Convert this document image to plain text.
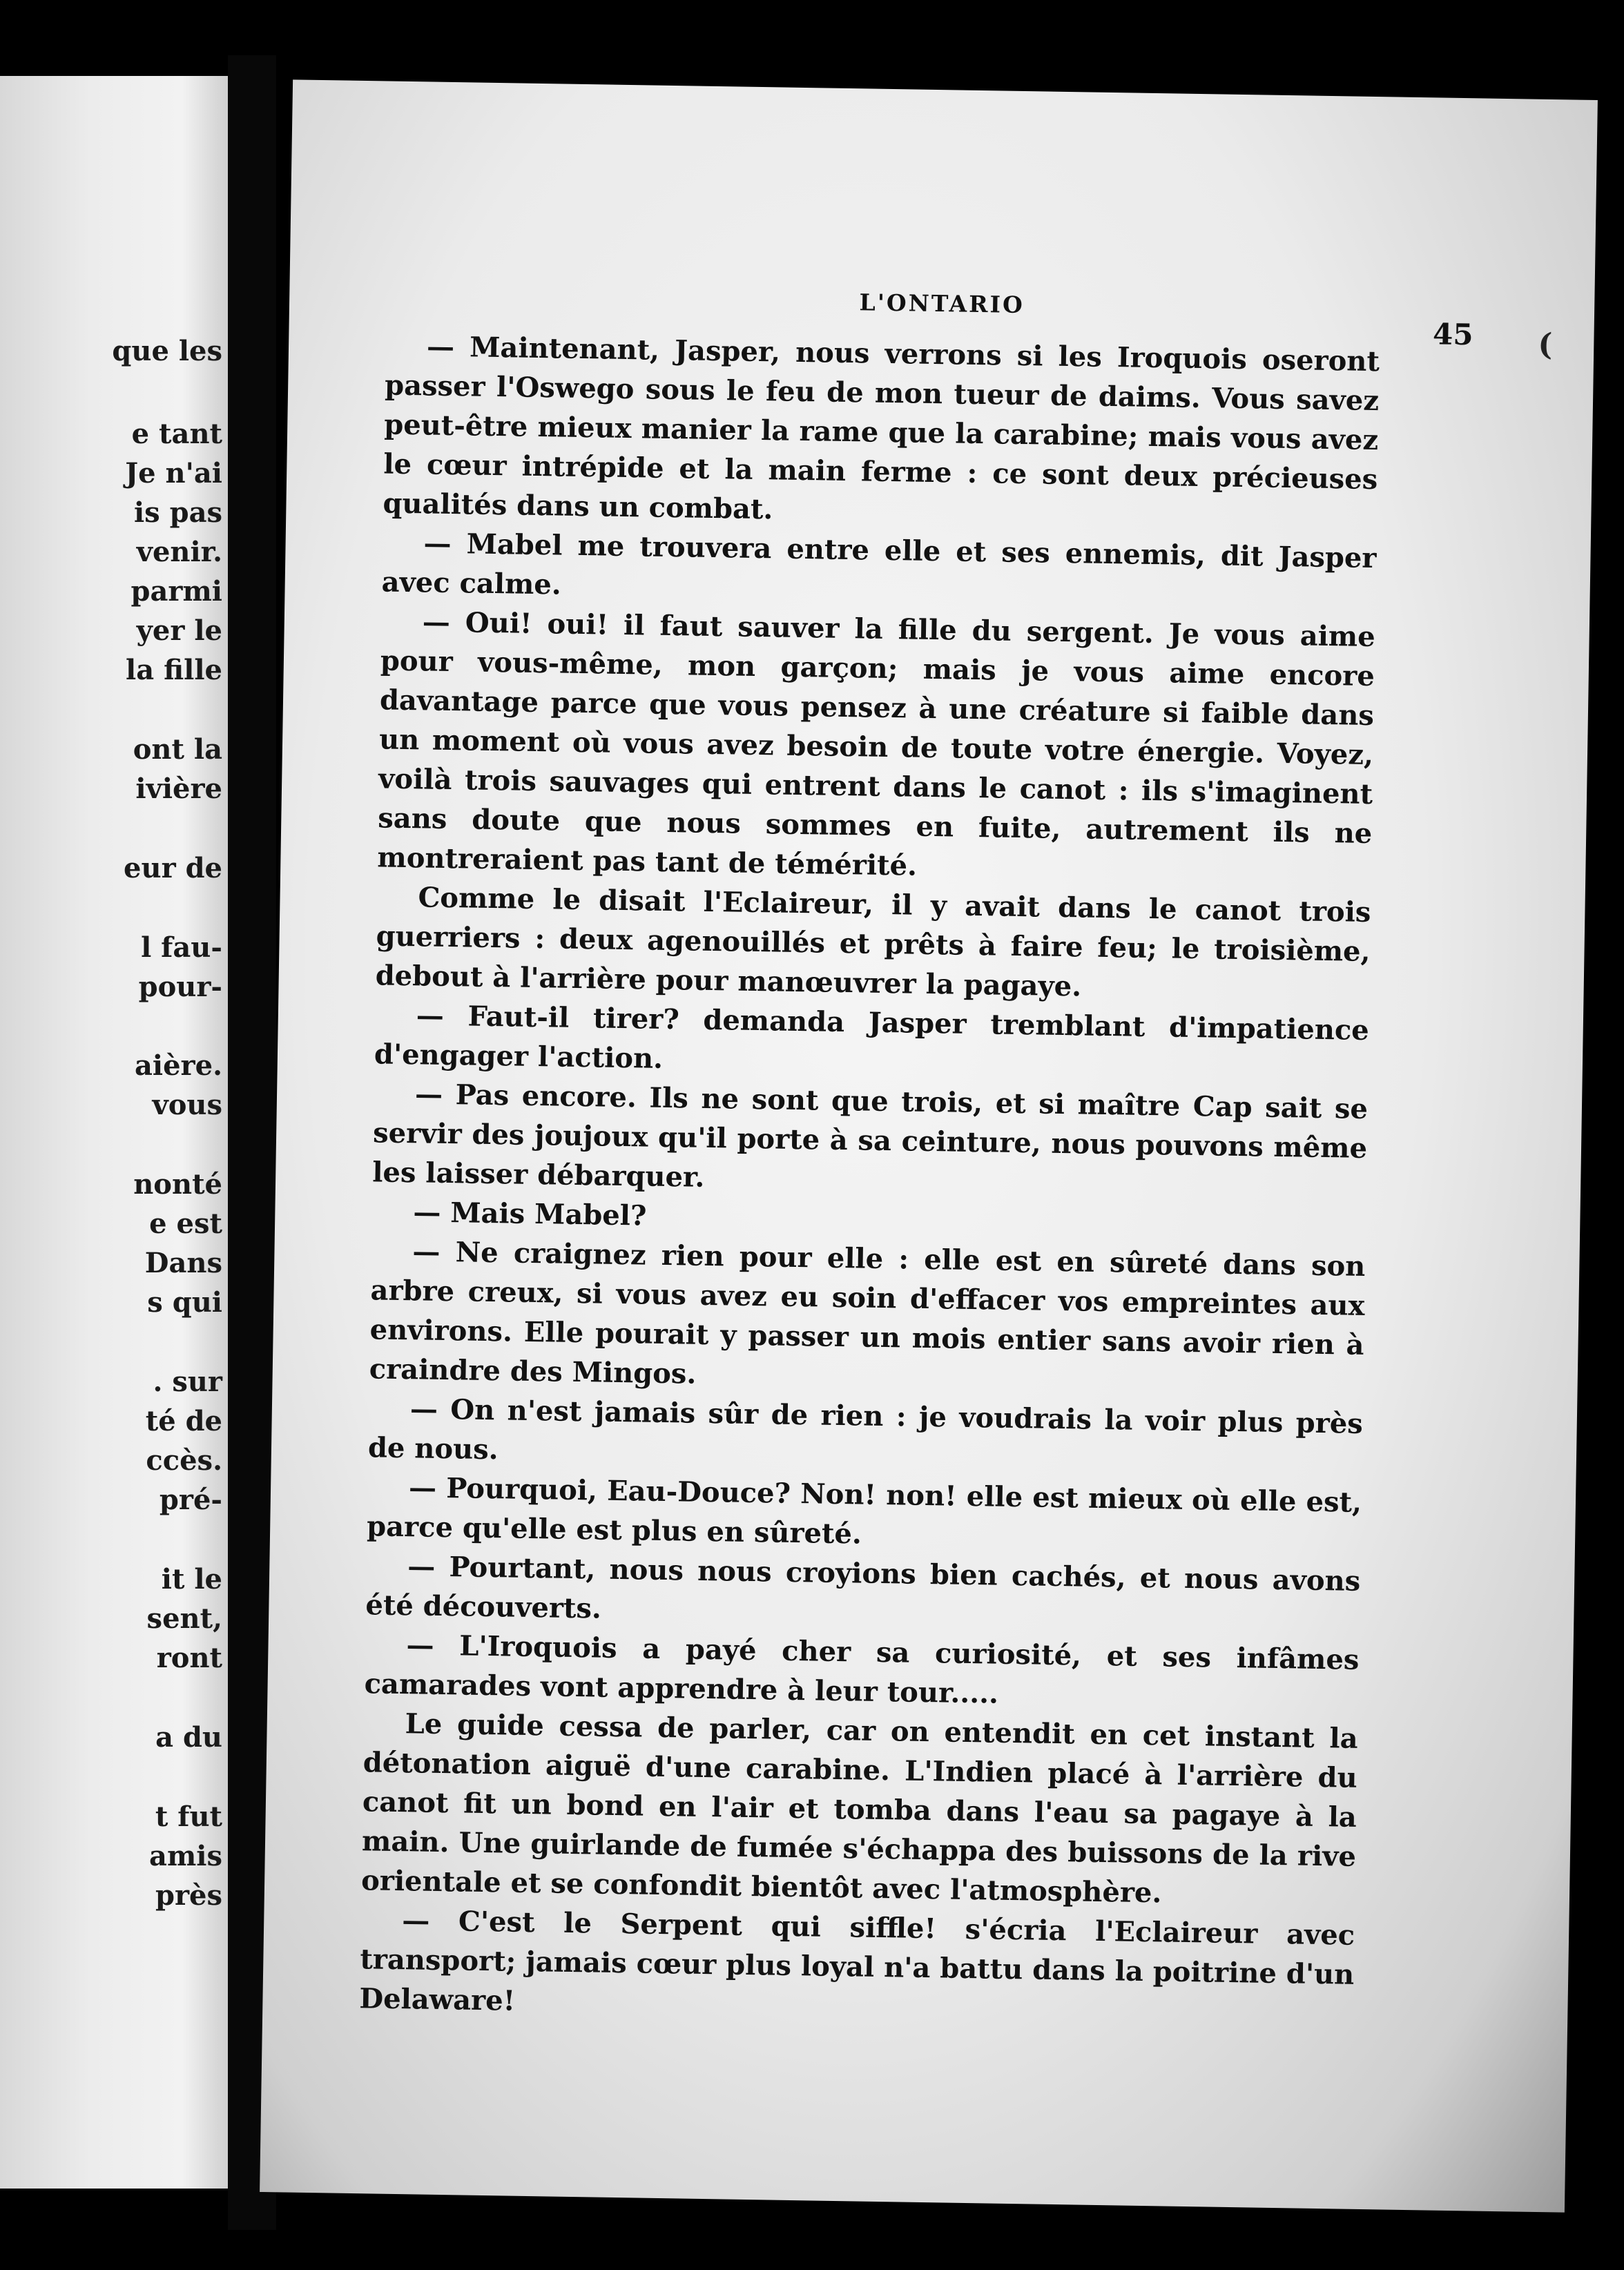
que les
e tant
Je n'ai
is pas
venir.
parmi
yer le
la fille
ont la
ivière
eur de
l fau-
pour-
aière.
vous
nonté
e est
Dans
s qui
. sur
té de
ccès.
pré-
it le
sent,
ront
a du
t fut
amis
près
L'ONTARIO
45

— Maintenant, Jasper, nous verrons si les Iroquois oseront passer l'Oswego sous le feu de mon tueur de daims. Vous savez peut-être mieux manier la rame que la carabine; mais vous avez le cœur intrépide et la main ferme : ce sont deux précieuses qualités dans un combat.

— Mabel me trouvera entre elle et ses ennemis, dit Jasper avec calme.

— Oui! oui! il faut sauver la fille du sergent. Je vous aime pour vous-même, mon garçon; mais je vous aime encore davantage parce que vous pensez à une créature si faible dans un moment où vous avez besoin de toute votre énergie. Voyez, voilà trois sauvages qui entrent dans le canot : ils s'imaginent sans doute que nous sommes en fuite, autrement ils ne montreraient pas tant de témérité.

Comme le disait l'Eclaireur, il y avait dans le canot trois guerriers : deux agenouillés et prêts à faire feu; le troisième, debout à l'arrière pour manœuvrer la pagaye.

— Faut-il tirer? demanda Jasper tremblant d'impatience d'engager l'action.

— Pas encore. Ils ne sont que trois, et si maître Cap sait se servir des joujoux qu'il porte à sa ceinture, nous pouvons même les laisser débarquer.

— Mais Mabel?

— Ne craignez rien pour elle : elle est en sûreté dans son arbre creux, si vous avez eu soin d'effacer vos empreintes aux environs. Elle pourait y passer un mois entier sans avoir rien à craindre des Mingos.

— On n'est jamais sûr de rien : je voudrais la voir plus près de nous.

— Pourquoi, Eau-Douce? Non! non! elle est mieux où elle est, parce qu'elle est plus en sûreté.

— Pourtant, nous nous croyions bien cachés, et nous avons été découverts.

— L'Iroquois a payé cher sa curiosité, et ses infâmes camarades vont apprendre à leur tour.....

Le guide cessa de parler, car on entendit en cet instant la détonation aiguë d'une carabine. L'Indien placé à l'arrière du canot fit un bond en l'air et tomba dans l'eau sa pagaye à la main. Une guirlande de fumée s'échappa des buissons de la rive orientale et se confondit bientôt avec l'atmosphère.

— C'est le Serpent qui siffle! s'écria l'Eclaireur avec transport; jamais cœur plus loyal n'a battu dans la poitrine d'un Delaware!

(
